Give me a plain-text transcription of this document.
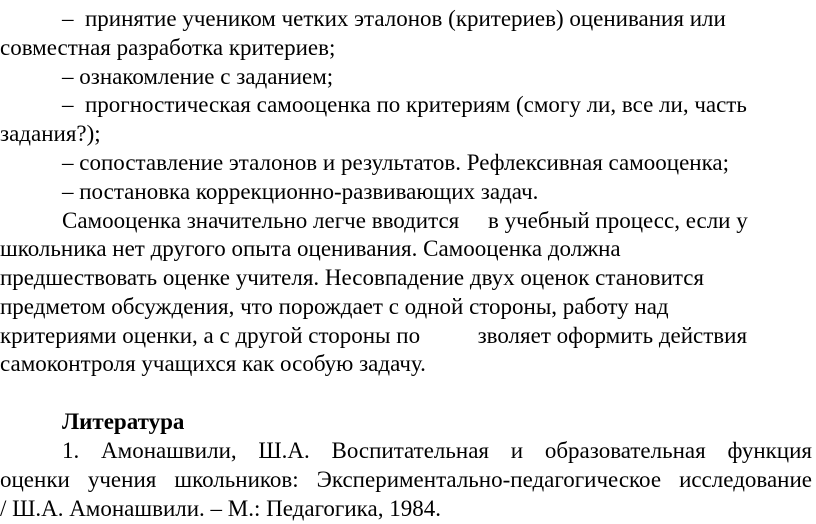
–  принятие учеником четких эталонов (критериев) оценивания или
совместная разработка критериев;
– ознакомление с заданием;
–  прогностическая самооценка по критериям (смогу ли, все ли, часть
задания?);
– сопоставление эталонов и результатов. Рефлексивная самооценка;
– постановка коррекционно-развивающих задач.
Самооценка значительно легче вводится     в учебный процесс, если у
школьника нет другого опыта оценивания. Самооценка должна
предшествовать оценке учителя. Несовпадение двух оценок становится
предметом обсуждения, что порождает с одной стороны, работу над
критериями оценки, а с другой стороны по          зволяет оформить действия
самоконтроля учащихся как особую задачу.
Литература
1. Амонашвили, Ш.А. Воспитательная и образовательная функция
оценки учения школьников: Экспериментально-педагогическое исследование
/ Ш.А. Амонашвили. – М.: Педагогика, 1984.
